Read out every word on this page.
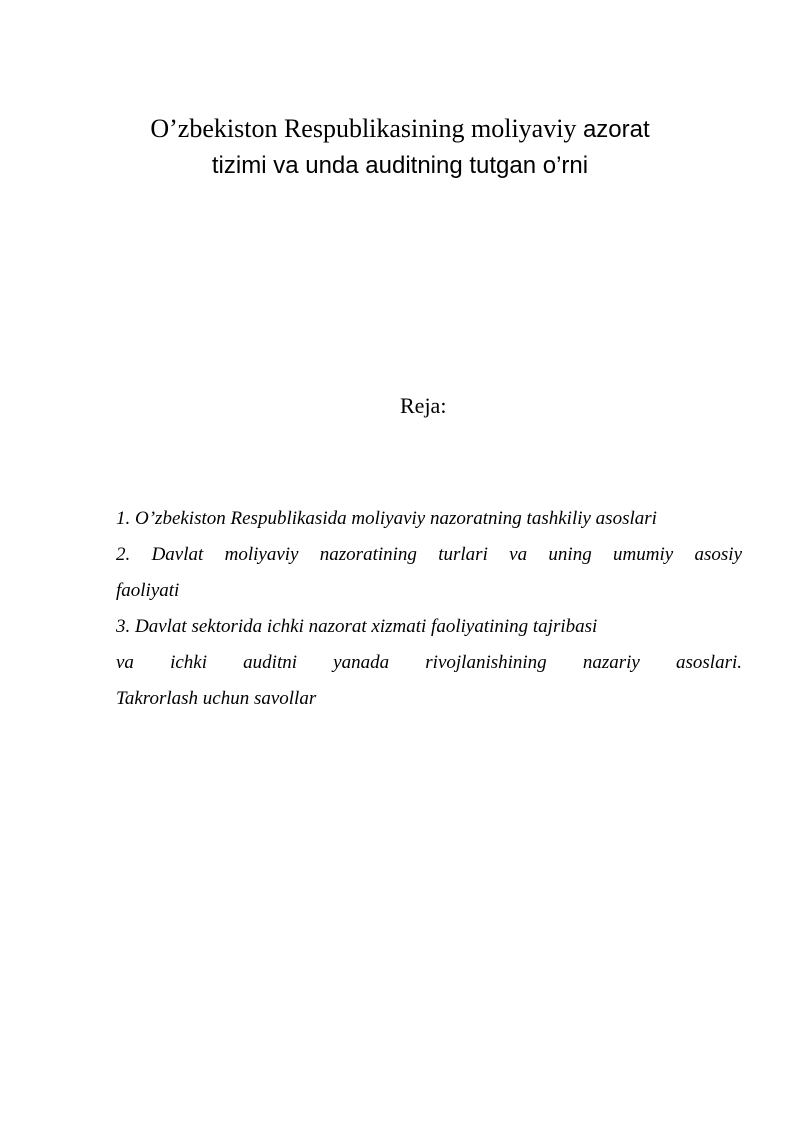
O’zbekiston Respublikasining moliyaviy azorat
tizimi va unda auditning tutgan o’rni
Reja:
1. O’zbekiston Respublikasida moliyaviy nazoratning tashkiliy asoslari
2. Davlat moliyaviy nazoratining turlari va uning umumiy asosiy
faoliyati
3. Davlat sektorida ichki nazorat xizmati faoliyatining tajribasi
va ichki auditni yanada rivojlanishining nazariy asoslari.
Takrorlash uchun savollar
